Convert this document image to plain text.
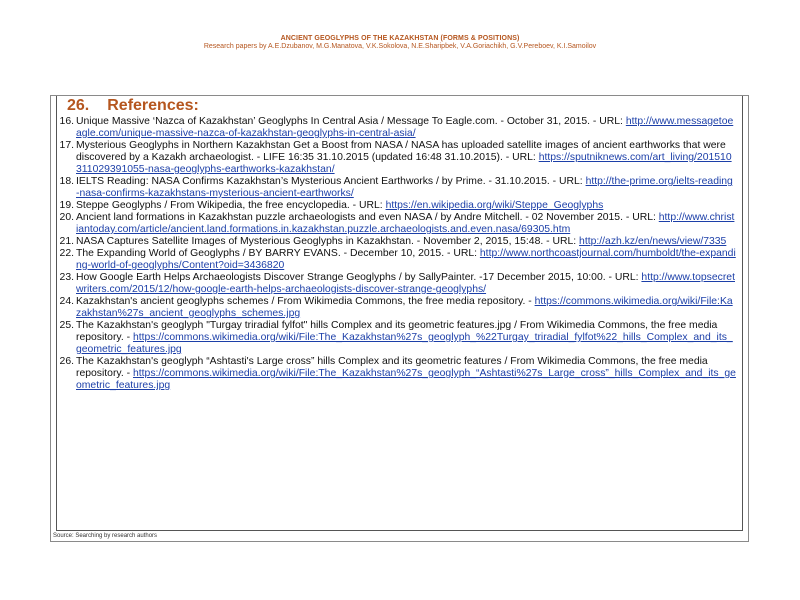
ANCIENT GEOGLYPHS OF THE KAZAKHSTAN (FORMS & POSITIONS)
Research papers by A.E.Dzubanov, M.G.Manatova, V.K.Sokolova, N.E.Sharipbek, V.A.Goriachikh, G.V.Pereboev, K.I.Samoilov
26. References:
16. Unique Massive ‘Nazca of Kazakhstan’ Geoglyphs In Central Asia / Message To Eagle.com. - October 31, 2015. - URL: http://www.messagetoeagle.com/unique-massive-nazca-of-kazakhstan-geoglyphs-in-central-asia/
17. Mysterious Geoglyphs in Northern Kazakhstan Get a Boost from NASA / NASA has uploaded satellite images of ancient earthworks that were discovered by a Kazakh archaeologist. - LIFE 16:35 31.10.2015 (updated 16:48 31.10.2015). - URL: https://sputniknews.com/art_living/201510311029391055-nasa-geoglyphs-earthworks-kazakhstan/
18. IELTS Reading: NASA Confirms Kazakhstan’s Mysterious Ancient Earthworks / by Prime. - 31.10.2015. - URL: http://the-prime.org/ielts-reading-nasa-confirms-kazakhstans-mysterious-ancient-earthworks/
19. Steppe Geoglyphs / From Wikipedia, the free encyclopedia. - URL: https://en.wikipedia.org/wiki/Steppe_Geoglyphs
20. Ancient land formations in Kazakhstan puzzle archaeologists and even NASA / by Andre Mitchell. - 02 November 2015. - URL: http://www.christiantoday.com/article/ancient.land.formations.in.kazakhstan.puzzle.archaeologists.and.even.nasa/69305.htm
21. NASA Captures Satellite Images of Mysterious Geoglyphs in Kazakhstan. - November 2, 2015, 15:48. - URL: http://azh.kz/en/news/view/7335
22. The Expanding World of Geoglyphs / BY BARRY EVANS. - December 10, 2015. - URL: http://www.northcoastjournal.com/humboldt/the-expanding-world-of-geoglyphs/Content?oid=3436820
23. How Google Earth Helps Archaeologists Discover Strange Geoglyphs / by SallyPainter. -17 December 2015, 10:00. - URL: http://www.topsecretwriters.com/2015/12/how-google-earth-helps-archaeologists-discover-strange-geoglyphs/
24. Kazakhstan's ancient geoglyphs schemes / From Wikimedia Commons, the free media repository. - https://commons.wikimedia.org/wiki/File:Kazakhstan%27s_ancient_geoglyphs_schemes.jpg
25. The Kazakhstan's geoglyph "Turgay triradial fylfot" hills Complex and its geometric features.jpg / From Wikimedia Commons, the free media repository. - https://commons.wikimedia.org/wiki/File:The_Kazakhstan%27s_geoglyph_%22Turgay_triradial_fylfot%22_hills_Complex_and_its_geometric_features.jpg
26. The Kazakhstan's geoglyph “Ashtasti's Large cross” hills Complex and its geometric features / From Wikimedia Commons, the free media repository. - https://commons.wikimedia.org/wiki/File:The_Kazakhstan%27s_geoglyph_“Ashtasti%27s_Large_cross”_hills_Complex_and_its_geometric_features.jpg
Source: Searching by research authors
